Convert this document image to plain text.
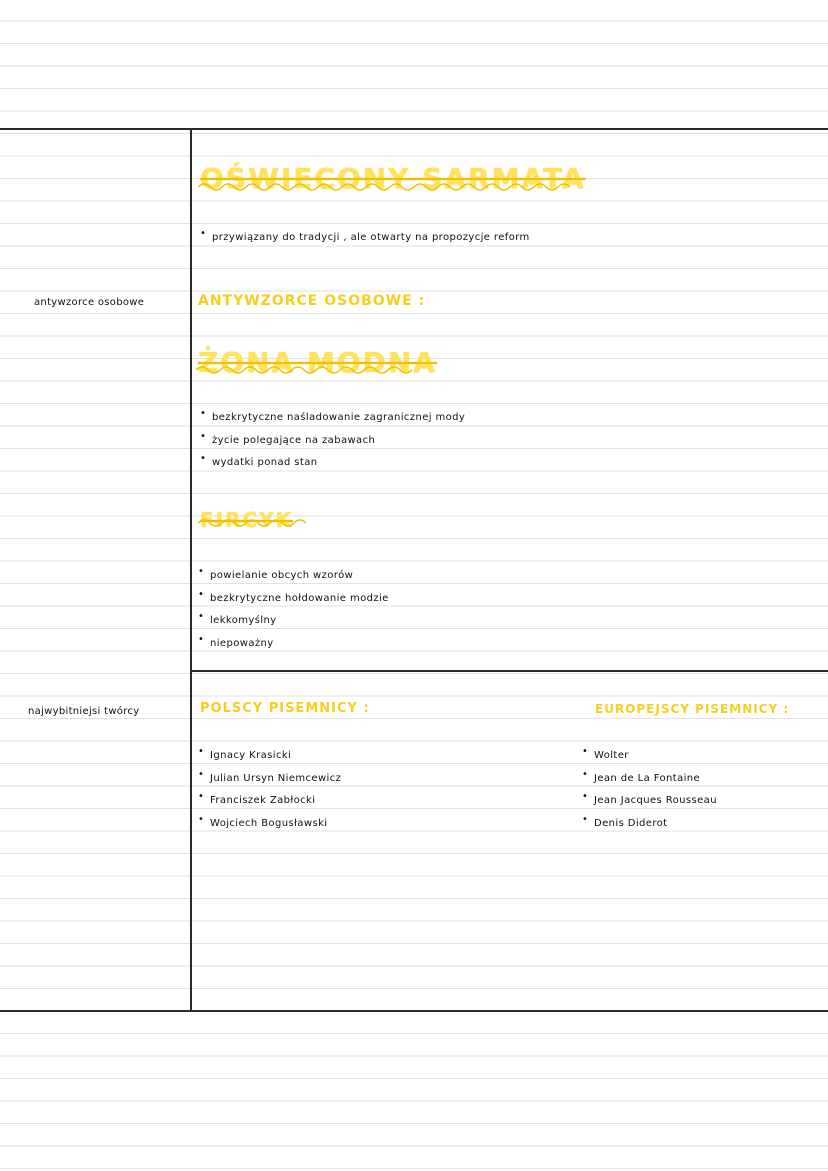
antywzorce osobowe
najwybitniejsi twórcy
OŚWIECONY SARMATA
• przywiązany do tradycji , ale otwarty na propozycje reform
ANTYWZORCE OSOBOWE :
ŻONA MODNA
• bezkrytyczne naśladowanie zagranicznej mody
• życie polegające na zabawach
• wydatki ponad stan
FIRCYK
• powielanie obcych wzorów
• bezkrytyczne hołdowanie modzie
• lekkomyślny
• niepoważny
POLSCY PISEMNICY :
• Ignacy Krasicki
• Julian Ursyn Niemcewicz
• Franciszek Zabłocki
• Wojciech Bogusławski
EUROPEJSCY PISEMNICY :
• Wolter
• Jean de La Fontaine
• Jean Jacques Rousseau
• Denis Diderot
